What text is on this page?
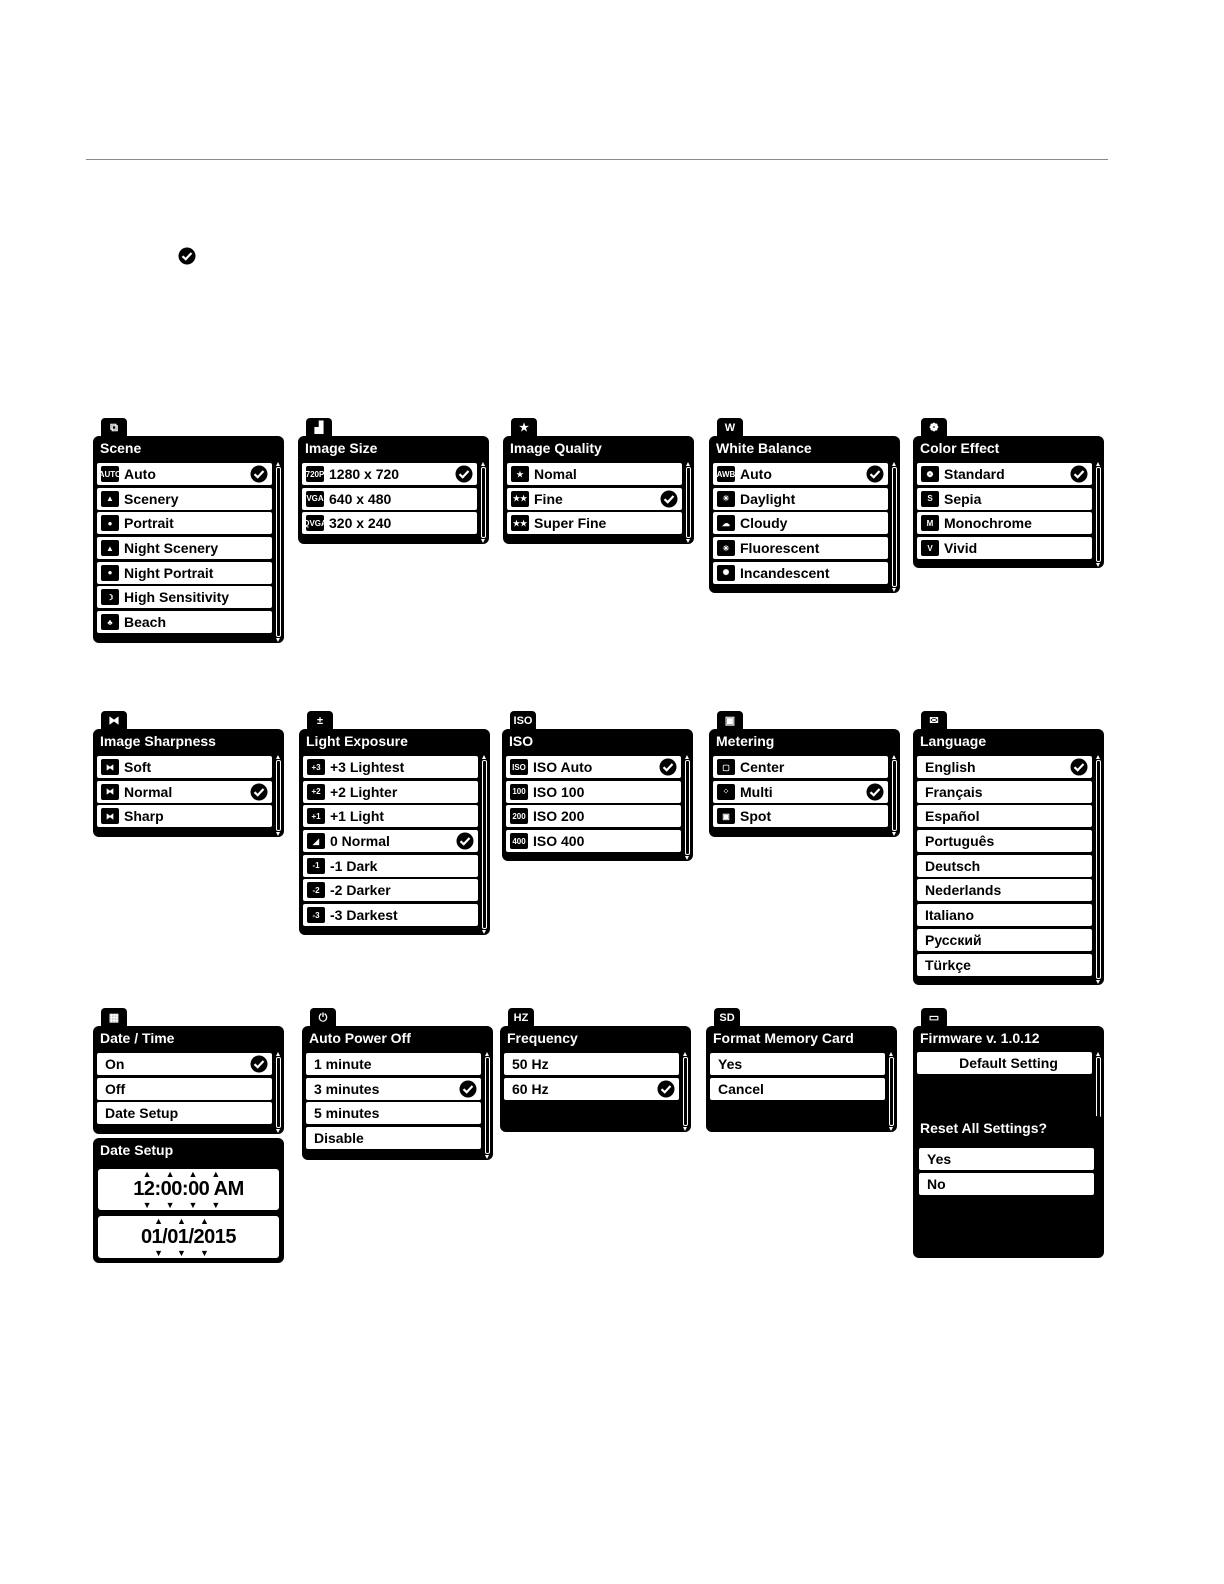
⧉
Scene
AUTO Auto
▲ Scenery
● Portrait
▲ Night Scenery
● Night Portrait
☽ High Sensitivity
♣ Beach
▟
Image Size
720P 1280 x 720
VGA 640 x 480
QVGA 320 x 240
★
Image Quality
★ Nomal
★★ Fine
★★ Super Fine
W
White Balance
AWB Auto
☀ Daylight
☁ Cloudy
✳ Fluorescent
✺ Incandescent
❁
Color Effect
❁ Standard
S Sepia
M Monochrome
V Vivid
⧓
Image Sharpness
⧓ Soft
⧓ Normal
⧓ Sharp
±
Light Exposure
+3 +3 Lightest
+2 +2 Lighter
+1 +1 Light
◢ 0 Normal
-1 -1 Dark
-2 -2 Darker
-3 -3 Darkest
ISO
ISO
ISO ISO Auto
100 ISO 100
200 ISO 200
400 ISO 400
▣
Metering
▢ Center
⁘ Multi
▣ Spot
✉
Language
English
Français
Español
Português
Deutsch
Nederlands
Italiano
Русский
Türkçe
▦
Date / Time
On
Off
Date Setup
⏻
Auto Power Off
1 minute
3 minutes
5 minutes
Disable
HZ
Frequency
50 Hz
60 Hz
SD
Format Memory Card
Yes
Cancel
▭
Firmware v. 1.0.12
Default Setting
Date Setup
▲▲▲▲
12:00:00 AM
▼▼▼▼
▲▲▲
01/01/2015
▼▼▼
Reset All Settings?
Yes
No
